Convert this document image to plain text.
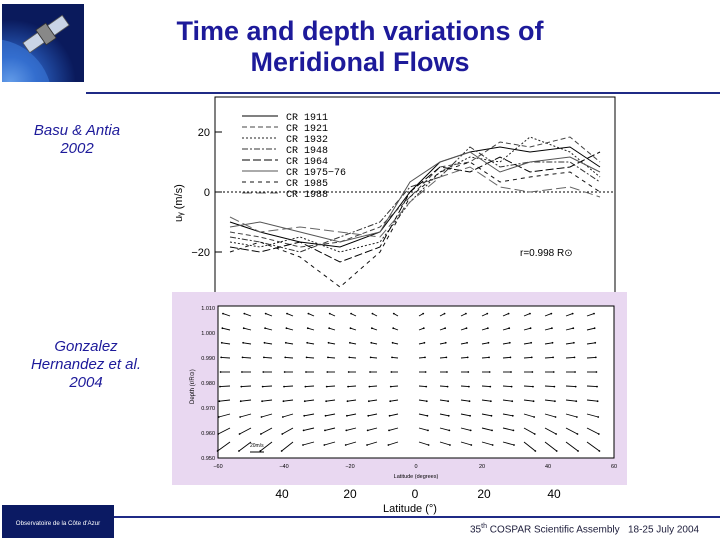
Time and depth variations of
Meridional Flows
Basu & Antia
2002
Gonzalez
Hernandez et al.
2004
20
0
−20
uᵧ (m/s)
CR 1911
CR 1921
CR 1932
CR 1948
CR 1964
CR 1975−76
CR 1985
CR 1988
r=0.998 R⊙
1.010
1.000
0.990
0.980
0.970
0.960
0.950
Depth (r/R⊙)
−60	−40	−20	0	20	40	60
Latitude (degrees)
20m/s
40	20	0	20	40
Latitude (°)
Observatoire de la Côte d'Azur
35th COSPAR Scientific Assembly 18-25 July 2004
